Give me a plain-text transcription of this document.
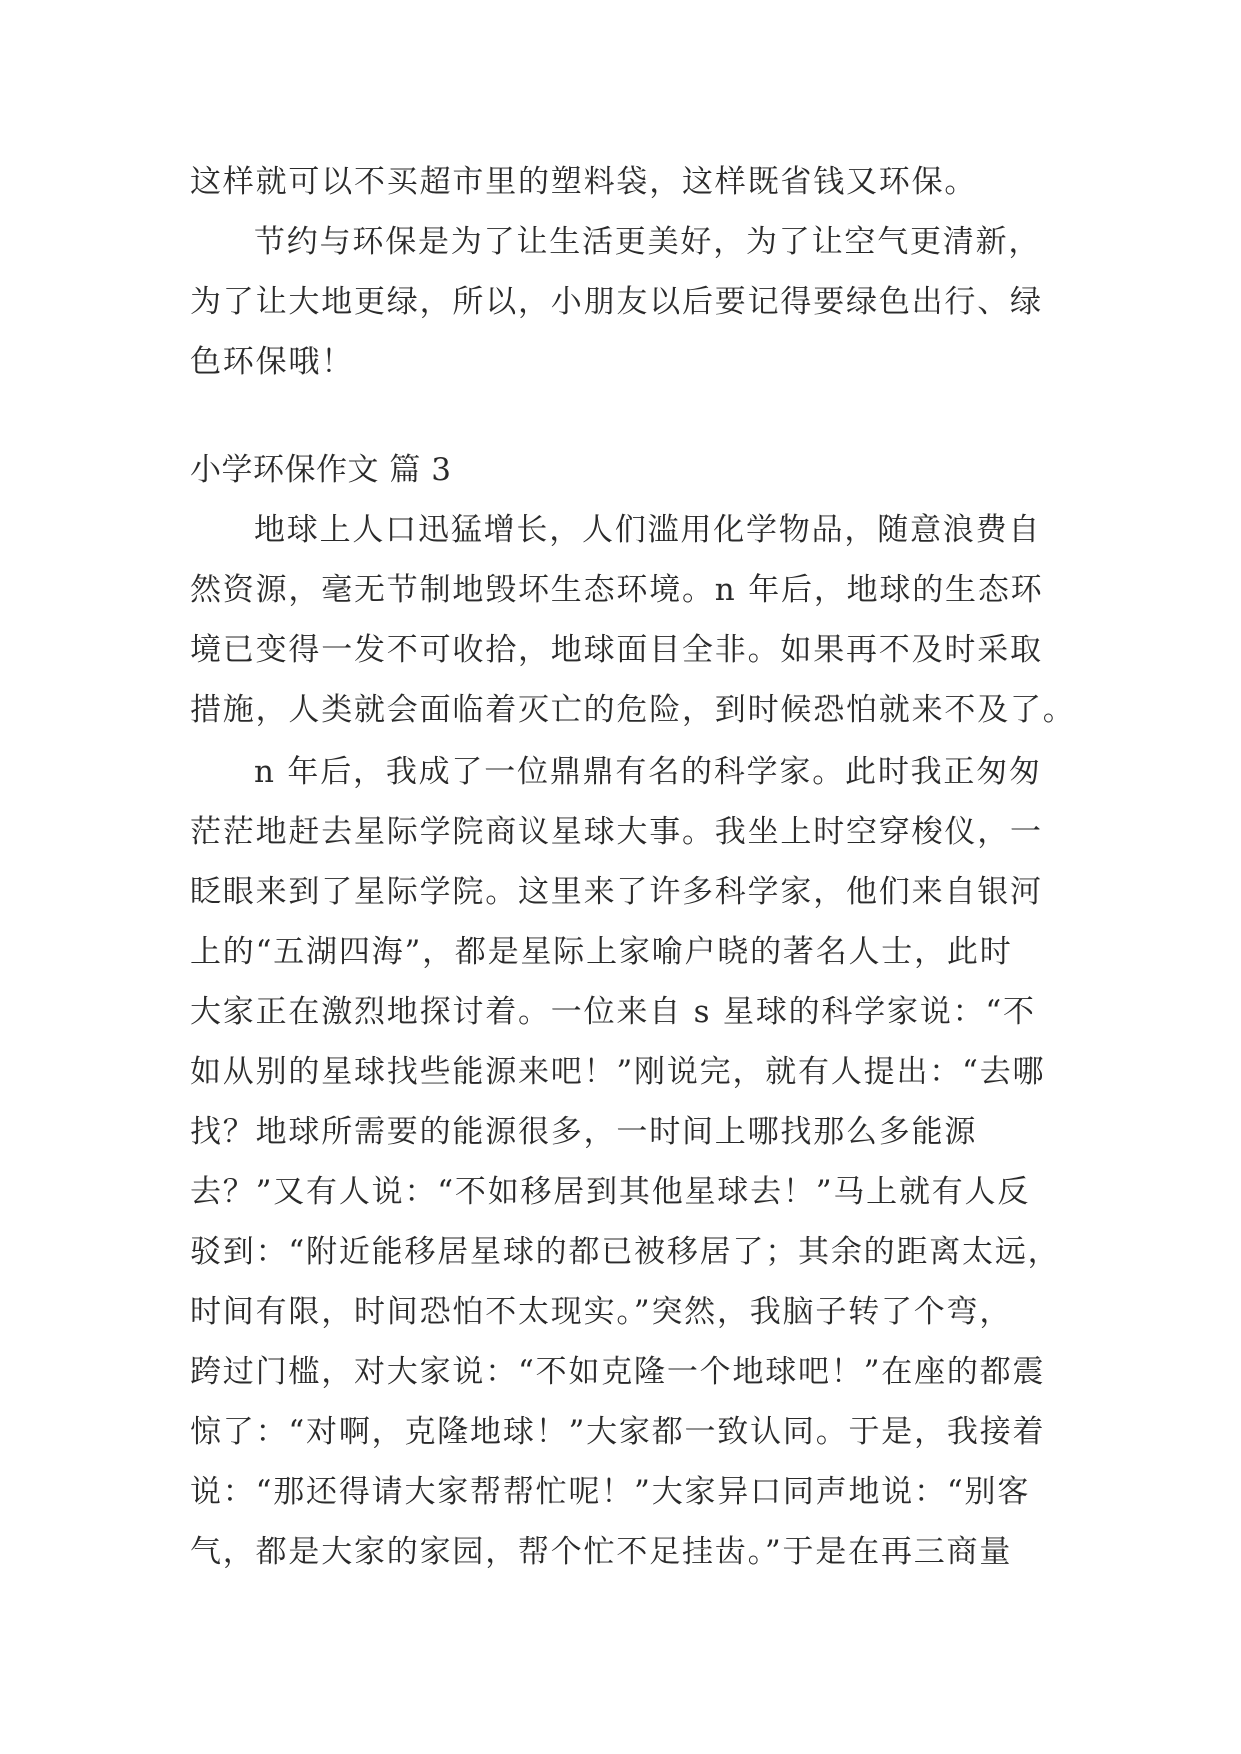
这样就可以不买超市里的塑料袋，这样既省钱又环保。
节约与环保是为了让生活更美好，为了让空气更清新，
为了让大地更绿，所以，小朋友以后要记得要绿色出行、绿
色环保哦！
小学环保作文 篇 3
地球上人口迅猛增长，人们滥用化学物品，随意浪费自
然资源，毫无节制地毁坏生态环境。n 年后，地球的生态环
境已变得一发不可收拾，地球面目全非。如果再不及时采取
措施，人类就会面临着灭亡的危险，到时候恐怕就来不及了。
n 年后，我成了一位鼎鼎有名的科学家。此时我正匆匆
茫茫地赶去星际学院商议星球大事。我坐上时空穿梭仪，一
眨眼来到了星际学院。这里来了许多科学家，他们来自银河
上的“五湖四海”，都是星际上家喻户晓的著名人士，此时
大家正在激烈地探讨着。一位来自 s 星球的科学家说：“不
如从别的星球找些能源来吧！”刚说完，就有人提出：“去哪
找？地球所需要的能源很多，一时间上哪找那么多能源
去？”又有人说：“不如移居到其他星球去！”马上就有人反
驳到：“附近能移居星球的都已被移居了；其余的距离太远，
时间有限，时间恐怕不太现实。”突然，我脑子转了个弯，
跨过门槛，对大家说：“不如克隆一个地球吧！”在座的都震
惊了：“对啊，克隆地球！”大家都一致认同。于是，我接着
说：“那还得请大家帮帮忙呢！”大家异口同声地说：“别客
气，都是大家的家园，帮个忙不足挂齿。”于是在再三商量
